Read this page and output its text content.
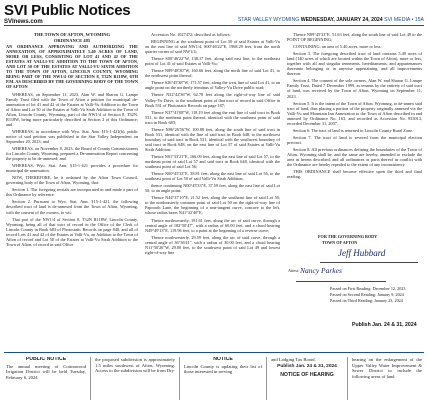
SVI Public Notices
SVInews.com	STAR VALLEY WYOMING WEDNESDAY, JANUARY 24, 2024 SVI MEDIA • 15A
THE TOWN OF AFTON, WYOMING
ORDINANCE 485

AN ORDINANCE APPROVING AND AUTHORIZING THE ANNEXATION, OF APPROXIMATELY 5.40 ACRES OF LAND, MORE OR LESS, CONSISTING OF LOT 41 AND 42 OF THE ESTATES AT VALLI-VU ADDITION TO THE TOWN OF AFTON, AND LOT 50 OF THE ESTATES AT VALLI-VU SIXTH ADDITION TO THE TOWN OF AFTON, LINCOLN COUNTY, WYOMING BEING PART OF THE NW1/4 OF SECTION 8, T32N R118W, 6TH P.M. AS DESCRIBED BY THE GOVERNING BODY OF THE TOWN OF AFTON

WHEREAS, on September 11, 2023, Alan W. and Sharon G. Lampe Family Trust filed with the Town of Afton a petition for municipal de-annexation of lot 41 and 42 of the Estates at Valli-Vu Addition to the Town of Afton and Lot 50 of the Estates at Valli-Vu Sixth Addition to the Town of Afton, Lincoln County, Wyoming, part of the NW1/4 of Section 8, T32N, R118W, being more particularly described in Section 2 of this Ordinance; and

WHEREAS, in accordance with Wyo. Stat. Ann. §15-1-421(b), public notice of said petition was published in the Star Valley Independent on September 20, 2023; and

WHEREAS, on November 8, 2023, the Board of County Commissioners for Lincoln County, Wyoming, prepared a De-annexation Report concerning the property to be de-annexed; and

WHEREAS, Wyo. Stat. Ann. §15-1-421 provides a procedure for municipal de-annexation.

NOW, THEREFORE, be it ordained by the Afton Town Council, governing body of the Town of Afton, Wyoming, that:

Section 1. The foregoing recitals are incorporated in and made a part of this Ordinance by reference.

Section 2. Pursuant to Wyo. Stat. Ann. §15-1-421, the following described tract of land is de-annexed from the Town of Afton, Wyoming, with the consent of the owners, to wit:

That part of the NW1/4 of Section 8, T32N R118W, Lincoln County, Wyoming, being all of that tract of record in the Office of the Clerk of Lincoln County in Book 683 of Photostatic Records on page 848, and all of record Lots 41 and 42 of the Estates at Valli-Vu, an Addition to the Town of Afton of record and Lot 50 of the Estates at Valli-Vu Sixth Addition to the Town of Afton, of record in said Office

Accession No. 1027472; described as follows:

BEGINNING at the southeast point of Lot 50 of said Estates at Valli-Vu on the east line of said NW1/4, S00°46'22"E, 1968.29 feet, from the north quarter corner of said NW1/4;

Thence S00°46'22"W, 138.17 feet, along said east line, to the northeast point of Lot 41 of said Estates at Valli-Vu;

Thence N89°48'30"W, 160.66 feet, along the north line of said Lot 41, to the northwest point thereof;

Thence S26°45'38"W, 171.57 feet, along the west line of said Lot 41, to an angle point on the northerly terminus of Valley-Vu Drive public road;

Thence N32°42'36"W, 62.78 feet along the right-of-way line of said Valley-Vu Drive, to the southeast point of that tract of record in said Office in Book 531 of Photostatic Records on page 187;

Thence N37°41'08"W, 118.19 feet along the east line of said tract in Book 531, to the northeast point thereof, identical with the southeast point of said tract in Book 683;

Thence N86°26'56"W, 100.88 feet, along the south line of said tract in Book 531, identical with the line of said tract in Book 648, to the northwest boundary of said tract in Book 531, identical with the southwest boundary of said tract in Book 648, on the east line of Lot 57 of said Estates at Valli-Vu Sixth Addition;

Thence N01°33'21"E, 166.09 feet, along the east line of said Lot 57, to the northeast point of said Lot 57 and said tract in Book 648, identical with the southeast point of said Lot 56;

Thence N00°45'33"E, 38.81 feet, along the east line of said Lot 56, to the southeast point of Lot 50 of said Valli-Vu Sixth Addition;

thence continuing N00°45'33"E, 37.59 feet, along the east line of said Lot 50, to an angle point;

Thence N44°37'10"E, 21.52 feet, along the southeast line of said Lot 50, to the northeasterly common point of said Lot 50 on the right-of-way line of Paprooth Lane, the beginning of a non-tangent curve, concave to the left, whose radius bears N41°32'40"E;

Thence northwesterly, 191.61 feet, along the arc of said curve, through a central angle of 182°50'47", with a radius of 60.00 feet, and a chord bearing N49°49'13"E, 119.96 feet, to a point at the beginning of a reverse curve;

Thence northwesterly, 29.59 feet, along the arc of said curve, through a central angle of 36°36'41", with a radius of 30.00 feet, and a chord bearing N11°50'26"W, 29.00 feet, to the southwest point of said Lot 49 and lowest right-of-way line

Thence N89°45'33"E, 51.63 feet, along the south line of said Lot 49 to the POINT OF BEGINNING;

CONTAINING: an area of 5.40 acres, more or less.

Section 3. The foregoing described tract of land contains 5.40 acres of land (140 acres of which are located within the Town of Afton), more or less, together with all and singular tenements, hereditaments, and appurtenances thereunto belonging or in anywise appertaining, and all improvements thereon.

Section 4. The consent of the sole owners, Alan W. and Sharon G. Lampe Family Trust, Dated 7 December 1999, as tenants by the entirety of said tract of land, was received by the Town of Afton, Wyoming on September 11, 2023.

Section 5. It is the intent of the Town of Afton, Wyoming, to de-annex said tract of land, thus placing a portion of the property originally annexed via the Valli-Vu and Mountain Inn Annexation to the Town of Afton described in and annexed by Ordinance No. 163, and recorded as Accession No. 933013, recorded December 31, 2007.

Section 6. The tract of land is returned to Lincoln County Rural Zone.

Section 7. The tract of land is severed from the municipal election precinct.

Section 8. All previous ordinances defining the boundaries of the Town of Afton, Wyoming shall be, and the same are hereby, amended to exclude the area as herein described, and all ordinances or parts thereof in conflict with the Ordinance are hereby repealed to the extent of any inconsistency.

THIS ORDINANCE shall become effective upon the third and final reading.

FOR THE GOVERNING BODY
TOWN OF AFTON
Jeff Hubbard
Attest: Nancy Parkes
Passed on First Reading: December 12, 2023
Passed on Second Reading: January 9, 2024
Passed on Third Reading: January 23, 2024
Publish Jan. 24 & 31, 2024
PUBLIC NOTICE
The annual meeting of Cottonwood Irrigation District will be held Tuesday, February 6, 2024
the proposed subdivision is approximately 1.5 miles southwest of Afton, Wyoming. Access to the subdivision will be from Dry
NOTICE
Lincoln County is updating their list of those interested in serving
and Lodging Tax Board.
Publish Jan. 24 & 31, 2024
NOTICE OF HEARING
hearing on the enlargement of the Upper Valley Water Improvement & Sewer District to include the following areas of land
